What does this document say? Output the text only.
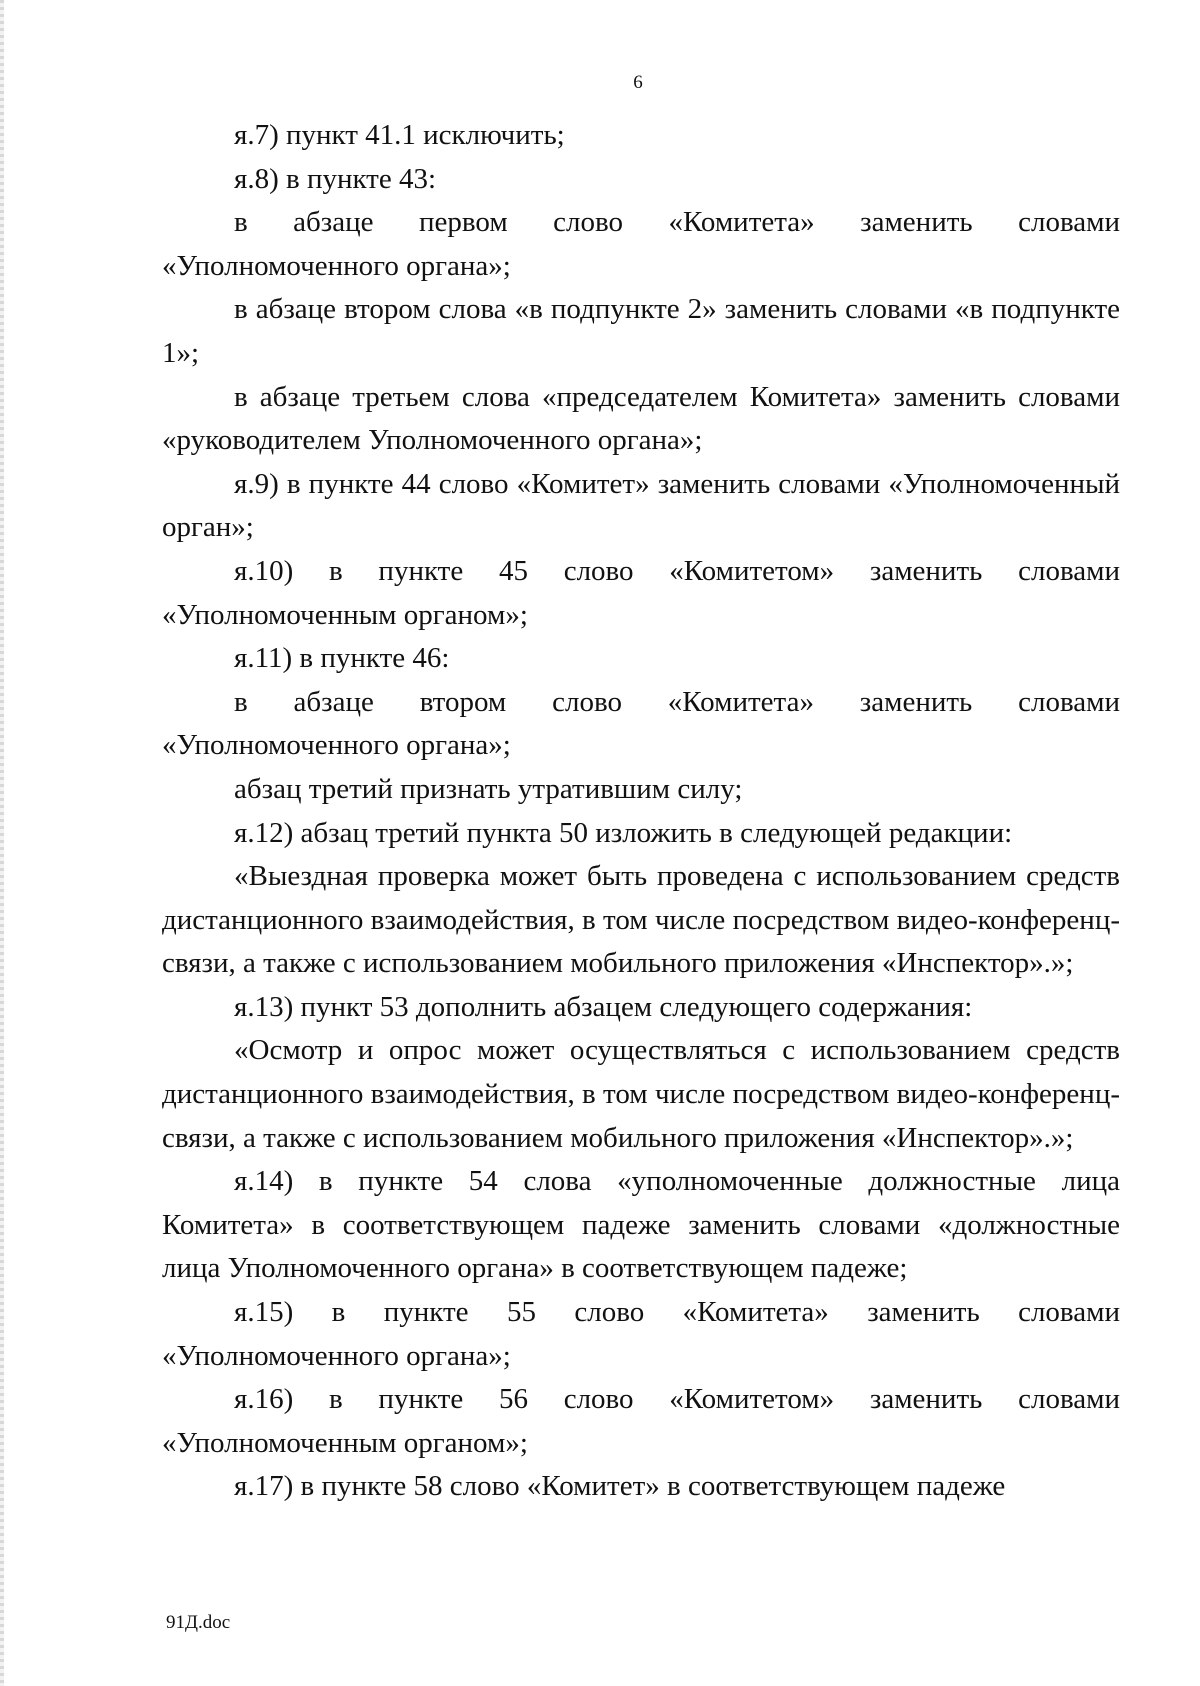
6

я.7) пункт 41.1 исключить;

я.8) в пункте 43:

в абзаце первом слово «Комитета» заменить словами «Уполномоченного органа»;

в абзаце втором слова «в подпункте 2» заменить словами «в подпункте 1»;

в абзаце третьем слова «председателем Комитета» заменить словами «руководителем Уполномоченного органа»;

я.9) в пункте 44 слово «Комитет» заменить словами «Уполномоченный орган»;

я.10) в пункте 45 слово «Комитетом» заменить словами «Уполномоченным органом»;

я.11) в пункте 46:

в абзаце втором слово «Комитета» заменить словами «Уполномоченного органа»;

абзац третий признать утратившим силу;

я.12) абзац третий пункта 50 изложить в следующей редакции:

«Выездная проверка может быть проведена с использованием средств дистанционного взаимодействия, в том числе посредством видео-конференц-связи, а также с использованием мобильного приложения «Инспектор».»;

я.13) пункт 53 дополнить абзацем следующего содержания:

«Осмотр и опрос может осуществляться с использованием средств дистанционного взаимодействия, в том числе посредством видео-конференц-связи, а также с использованием мобильного приложения «Инспектор».»;

я.14) в пункте 54 слова «уполномоченные должностные лица Комитета» в соответствующем падеже заменить словами «должностные лица Уполномоченного органа» в соответствующем падеже;

я.15) в пункте 55 слово «Комитета» заменить словами «Уполномоченного органа»;

я.16) в пункте 56 слово «Комитетом» заменить словами «Уполномоченным органом»;

я.17) в пункте 58 слово «Комитет» в соответствующем падеже

91Д.doc
